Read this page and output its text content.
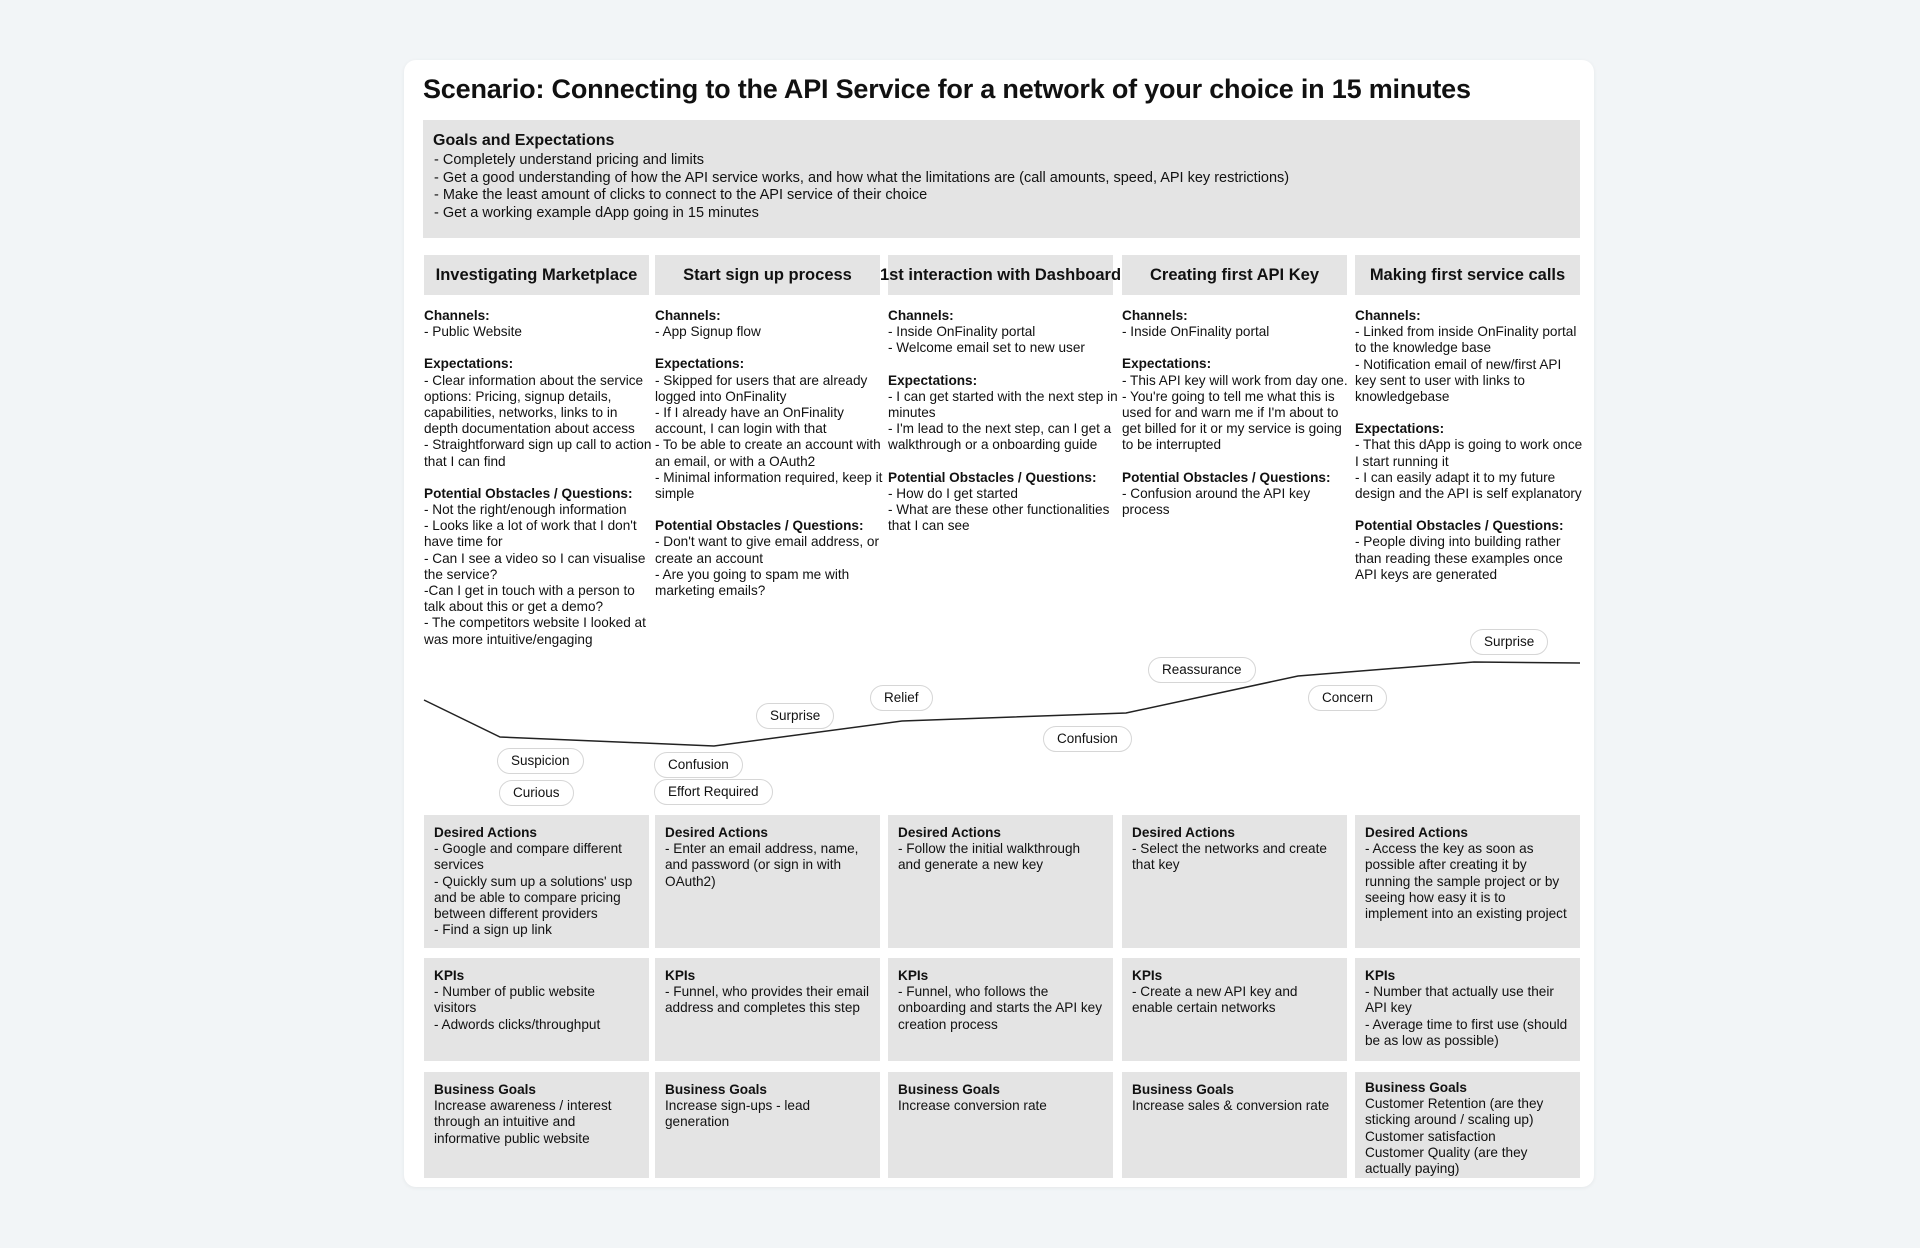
Scenario: Connecting to the API Service for a network of your choice in 15 minutes
Goals and Expectations
- Completely understand pricing and limits
- Get a good understanding of how the API service works, and how what the limitations are (call amounts, speed, API key restrictions)
- Make the least amount of clicks to connect to the API service of their choice
- Get a working example dApp going in 15 minutes
Investigating Marketplace	Start sign up process	1st interaction with Dashboard	Creating first API Key	Making first service calls
Channels:
- Public Website
Expectations:
- Clear information about the service options: Pricing, signup details, capabilities, networks, links to in depth documentation about access
- Straightforward sign up call to action that I can find
Potential Obstacles / Questions:
- Not the right/enough information
- Looks like a lot of work that I don't have time for
- Can I see a video so I can visualise the service?
-Can I get in touch with a person to talk about this or get a demo?
- The competitors website I looked at was more intuitive/engaging
Channels:
- App Signup flow
Expectations:
- Skipped for users that are already logged into OnFinality
- If I already have an OnFinality account, I can login with that
- To be able to create an account with an email, or with a OAuth2
- Minimal information required, keep it simple
Potential Obstacles / Questions:
- Don't want to give email address, or create an account
- Are you going to spam me with marketing emails?
Channels:
- Inside OnFinality portal
- Welcome email set to new user
Expectations:
- I can get started with the next step in minutes
- I'm lead to the next step, can I get a walkthrough or a onboarding guide
Potential Obstacles / Questions:
- How do I get started
- What are these other functionalities that I can see
Channels:
- Inside OnFinality portal
Expectations:
- This API key will work from day one.
- You're going to tell me what this is used for and warn me if I'm about to get billed for it or my service is going to be interrupted
Potential Obstacles / Questions:
- Confusion around the API key process
Channels:
- Linked from inside OnFinality portal to the knowledge base
- Notification email of new/first API key sent to user with links to knowledgebase
Expectations:
- That this dApp is going to work once I start running it
- I can easily adapt it to my future design and the API is self explanatory
Potential Obstacles / Questions:
- People diving into building rather than reading these examples once API keys are generated
Suspicion
Curious
Confusion
Effort Required
Surprise
Relief
Confusion
Reassurance
Concern
Surprise
Desired Actions
- Google and compare different services
- Quickly sum up a solutions' usp and be able to compare pricing between different providers
- Find a sign up link
Desired Actions
- Enter an email address, name, and password (or sign in with OAuth2)
Desired Actions
- Follow the initial walkthrough and generate a new key
Desired Actions
- Select the networks and create that key
Desired Actions
- Access the key as soon as possible after creating it by running the sample project or by seeing how easy it is to implement into an existing project
KPIs
- Number of public website visitors
- Adwords clicks/throughput
KPIs
- Funnel, who provides their email address and completes this step
KPIs
- Funnel, who follows the onboarding and starts the API key creation process
KPIs
- Create a new API key and enable certain networks
KPIs
- Number that actually use their API key
- Average time to first use (should be as low as possible)
Business Goals
Increase awareness / interest through an intuitive and informative public website
Business Goals
Increase sign-ups - lead generation
Business Goals
Increase conversion rate
Business Goals
Increase sales & conversion rate
Business Goals
Customer Retention (are they sticking around / scaling up)
Customer satisfaction
Customer Quality (are they actually paying)
